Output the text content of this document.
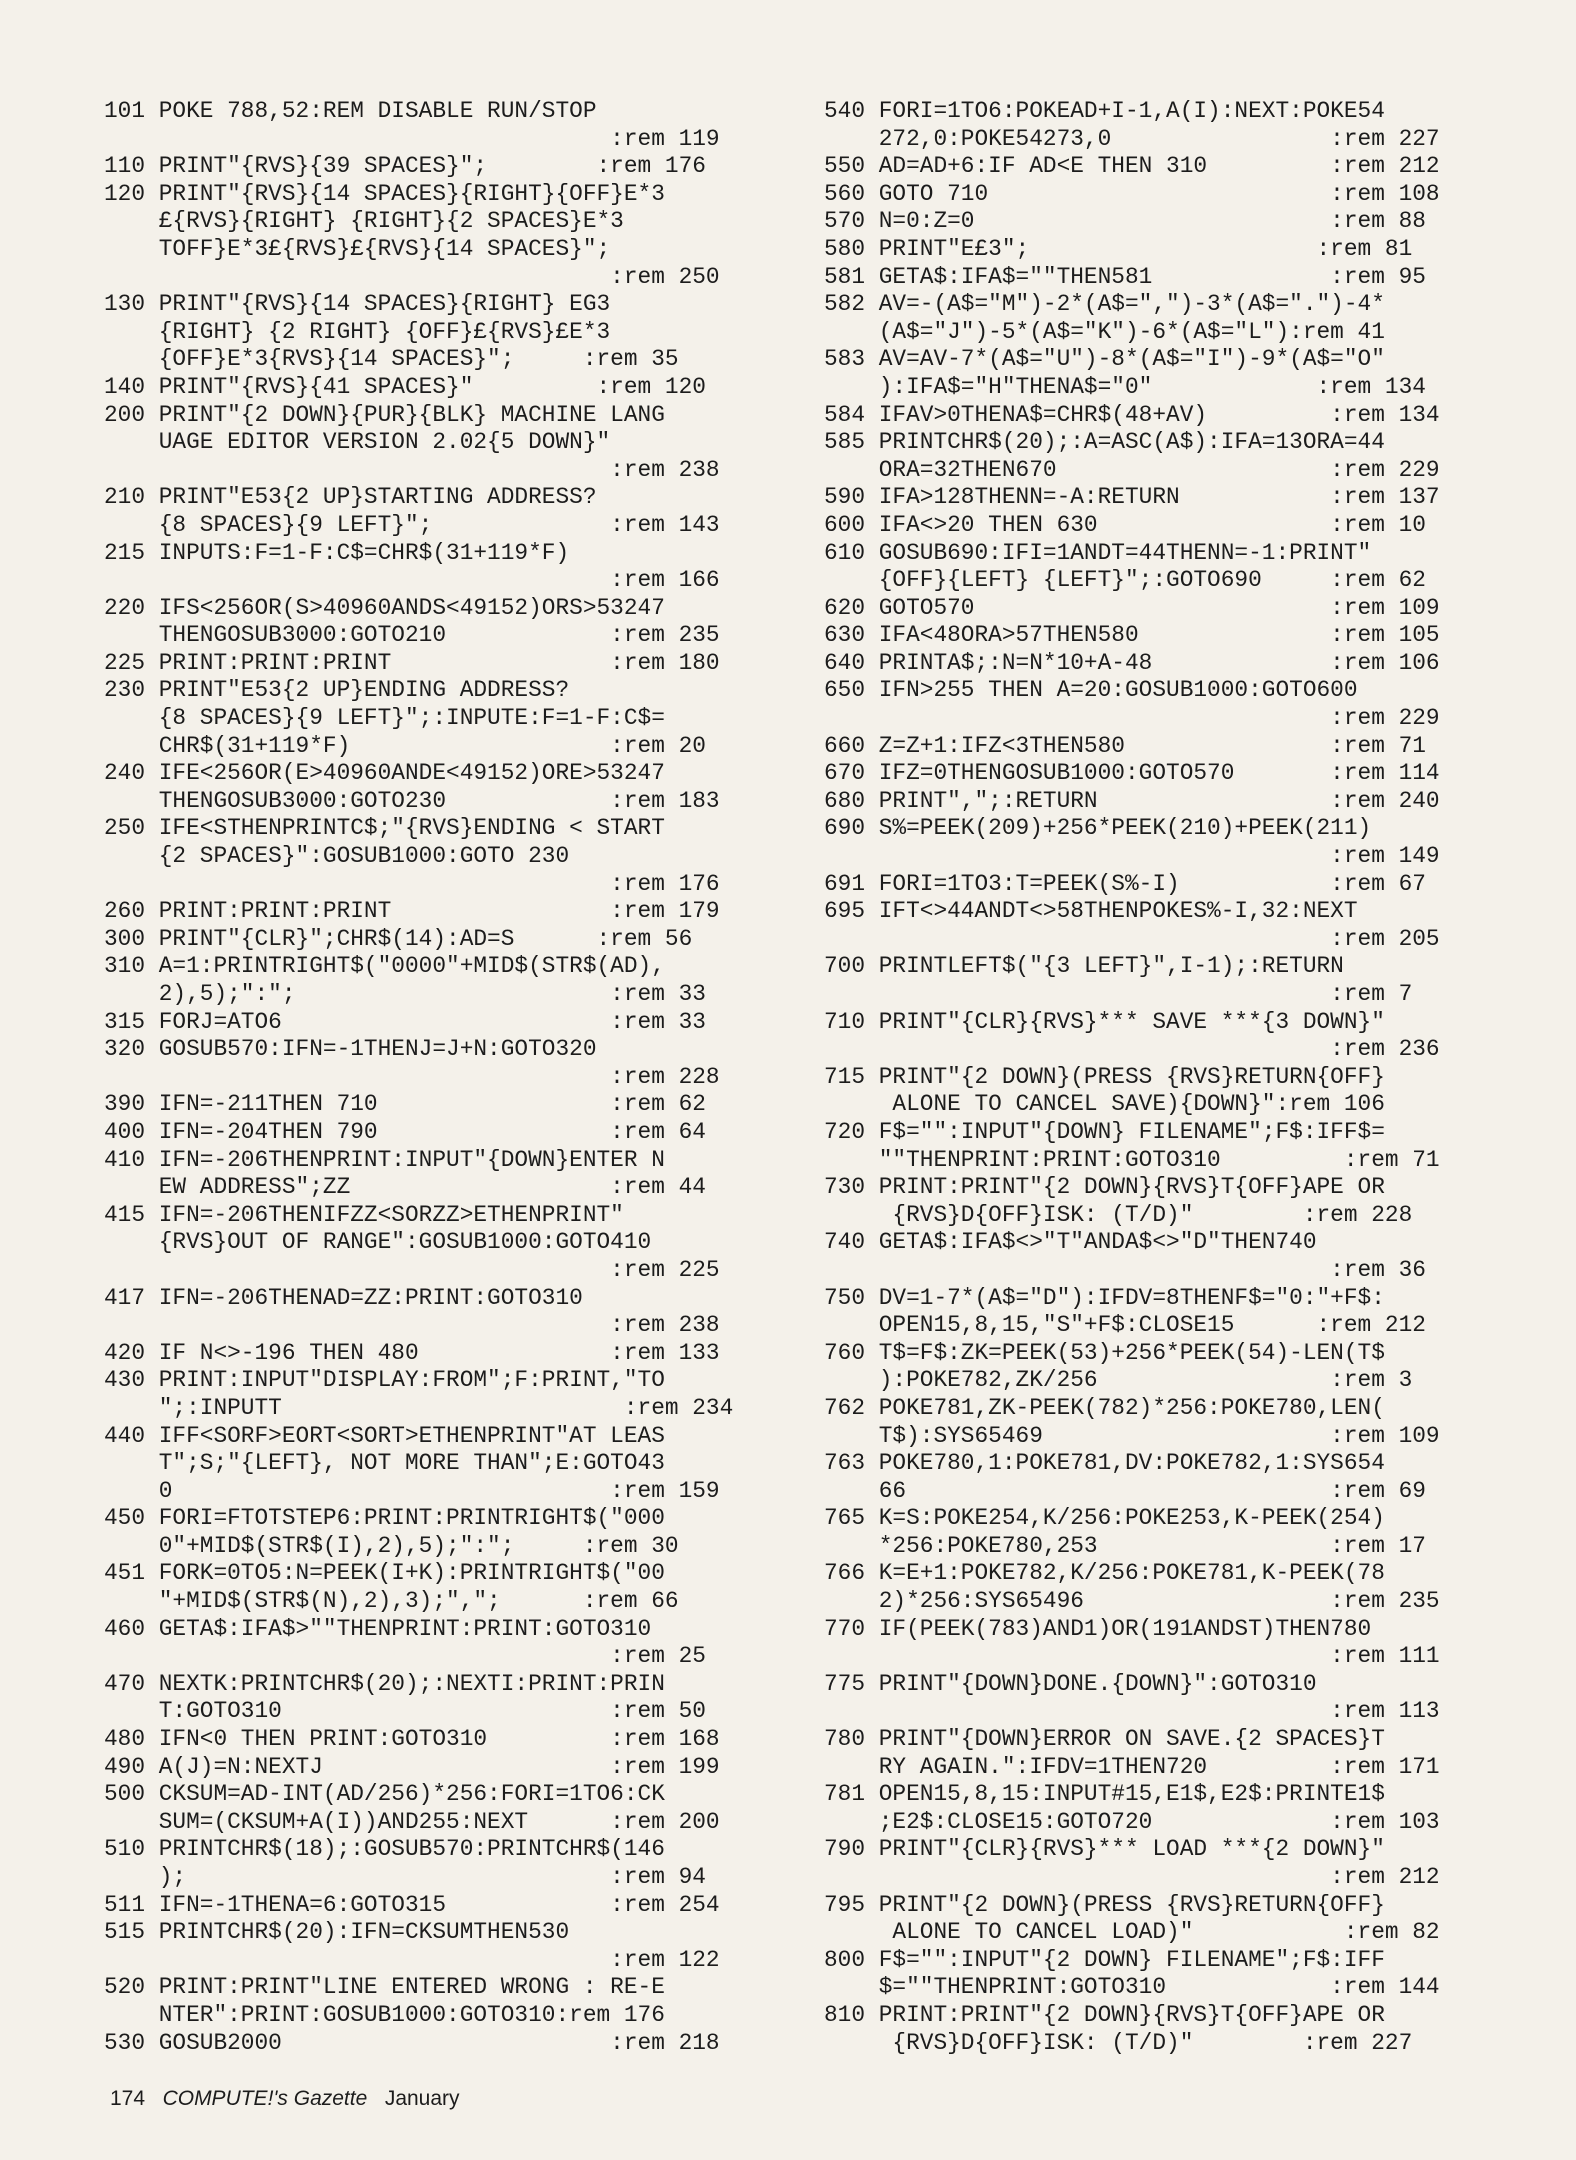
101 POKE 788,52:REM DISABLE RUN/STOP
:rem 119
110 PRINT"{RVS}{39 SPACES}";        :rem 176
120 PRINT"{RVS}{14 SPACES}{RIGHT}{OFF}E*3
£{RVS}{RIGHT} {RIGHT}{2 SPACES}E*3
TOFF}E*3£{RVS}£{RVS}{14 SPACES}";
:rem 250
130 PRINT"{RVS}{14 SPACES}{RIGHT} EG3
{RIGHT} {2 RIGHT} {OFF}£{RVS}£E*3
{OFF}E*3{RVS}{14 SPACES}";     :rem 35
140 PRINT"{RVS}{41 SPACES}"         :rem 120
200 PRINT"{2 DOWN}{PUR}{BLK} MACHINE LANG
UAGE EDITOR VERSION 2.02{5 DOWN}"
:rem 238
210 PRINT"E53{2 UP}STARTING ADDRESS?
{8 SPACES}{9 LEFT}";             :rem 143
215 INPUTS:F=1-F:C$=CHR$(31+119*F)
:rem 166
220 IFS<256OR(S>40960ANDS<49152)ORS>53247
THENGOSUB3000:GOTO210            :rem 235
225 PRINT:PRINT:PRINT                :rem 180
230 PRINT"E53{2 UP}ENDING ADDRESS?
{8 SPACES}{9 LEFT}";:INPUTE:F=1-F:C$=
CHR$(31+119*F)                   :rem 20
240 IFE<256OR(E>40960ANDE<49152)ORE>53247
THENGOSUB3000:GOTO230            :rem 183
250 IFE<STHENPRINTC$;"{RVS}ENDING < START
{2 SPACES}":GOSUB1000:GOTO 230
:rem 176
260 PRINT:PRINT:PRINT                :rem 179
300 PRINT"{CLR}";CHR$(14):AD=S      :rem 56
310 A=1:PRINTRIGHT$("0000"+MID$(STR$(AD),
2),5);":";                       :rem 33
315 FORJ=ATO6                        :rem 33
320 GOSUB570:IFN=-1THENJ=J+N:GOTO320
:rem 228
390 IFN=-211THEN 710                 :rem 62
400 IFN=-204THEN 790                 :rem 64
410 IFN=-206THENPRINT:INPUT"{DOWN}ENTER N
EW ADDRESS";ZZ                   :rem 44
415 IFN=-206THENIFZZ<SORZZ>ETHENPRINT"
{RVS}OUT OF RANGE":GOSUB1000:GOTO410
:rem 225
417 IFN=-206THENAD=ZZ:PRINT:GOTO310
:rem 238
420 IF N<>-196 THEN 480              :rem 133
430 PRINT:INPUT"DISPLAY:FROM";F:PRINT,"TO
";:INPUTT                         :rem 234
440 IFF<SORF>EORT<SORT>ETHENPRINT"AT LEAS
T";S;"{LEFT}, NOT MORE THAN";E:GOTO43
0                                :rem 159
450 FORI=FTOTSTEP6:PRINT:PRINTRIGHT$("000
0"+MID$(STR$(I),2),5);":";     :rem 30
451 FORK=0TO5:N=PEEK(I+K):PRINTRIGHT$("00
"+MID$(STR$(N),2),3);",";      :rem 66
460 GETA$:IFA$>""THENPRINT:PRINT:GOTO310
:rem 25
470 NEXTK:PRINTCHR$(20);:NEXTI:PRINT:PRIN
T:GOTO310                        :rem 50
480 IFN<0 THEN PRINT:GOTO310         :rem 168
490 A(J)=N:NEXTJ                     :rem 199
500 CKSUM=AD-INT(AD/256)*256:FORI=1TO6:CK
SUM=(CKSUM+A(I))AND255:NEXT      :rem 200
510 PRINTCHR$(18);:GOSUB570:PRINTCHR$(146
);                               :rem 94
511 IFN=-1THENA=6:GOTO315            :rem 254
515 PRINTCHR$(20):IFN=CKSUMTHEN530
:rem 122
520 PRINT:PRINT"LINE ENTERED WRONG : RE-E
NTER":PRINT:GOSUB1000:GOTO310:rem 176
530 GOSUB2000                        :rem 218
540 FORI=1TO6:POKEAD+I-1,A(I):NEXT:POKE54
272,0:POKE54273,0                :rem 227
550 AD=AD+6:IF AD<E THEN 310         :rem 212
560 GOTO 710                         :rem 108
570 N=0:Z=0                          :rem 88
580 PRINT"E£3";                     :rem 81
581 GETA$:IFA$=""THEN581             :rem 95
582 AV=-(A$="M")-2*(A$=",")-3*(A$=".")-4*
(A$="J")-5*(A$="K")-6*(A$="L"):rem 41
583 AV=AV-7*(A$="U")-8*(A$="I")-9*(A$="O"
):IFA$="H"THENA$="0"            :rem 134
584 IFAV>0THENA$=CHR$(48+AV)         :rem 134
585 PRINTCHR$(20);:A=ASC(A$):IFA=13ORA=44
ORA=32THEN670                    :rem 229
590 IFA>128THENN=-A:RETURN           :rem 137
600 IFA<>20 THEN 630                 :rem 10
610 GOSUB690:IFI=1ANDT=44THENN=-1:PRINT"
{OFF}{LEFT} {LEFT}";:GOTO690     :rem 62
620 GOTO570                          :rem 109
630 IFA<48ORA>57THEN580              :rem 105
640 PRINTA$;:N=N*10+A-48             :rem 106
650 IFN>255 THEN A=20:GOSUB1000:GOTO600
:rem 229
660 Z=Z+1:IFZ<3THEN580               :rem 71
670 IFZ=0THENGOSUB1000:GOTO570       :rem 114
680 PRINT",";:RETURN                 :rem 240
690 S%=PEEK(209)+256*PEEK(210)+PEEK(211)
:rem 149
691 FORI=1TO3:T=PEEK(S%-I)           :rem 67
695 IFT<>44ANDT<>58THENPOKES%-I,32:NEXT
:rem 205
700 PRINTLEFT$("{3 LEFT}",I-1);:RETURN
:rem 7
710 PRINT"{CLR}{RVS}*** SAVE ***{3 DOWN}"
:rem 236
715 PRINT"{2 DOWN}(PRESS {RVS}RETURN{OFF}
ALONE TO CANCEL SAVE){DOWN}":rem 106
720 F$="":INPUT"{DOWN} FILENAME";F$:IFF$=
""THENPRINT:PRINT:GOTO310         :rem 71
730 PRINT:PRINT"{2 DOWN}{RVS}T{OFF}APE OR
{RVS}D{OFF}ISK: (T/D)"        :rem 228
740 GETA$:IFA$<>"T"ANDA$<>"D"THEN740
:rem 36
750 DV=1-7*(A$="D"):IFDV=8THENF$="0:"+F$:
OPEN15,8,15,"S"+F$:CLOSE15      :rem 212
760 T$=F$:ZK=PEEK(53)+256*PEEK(54)-LEN(T$
):POKE782,ZK/256                 :rem 3
762 POKE781,ZK-PEEK(782)*256:POKE780,LEN(
T$):SYS65469                     :rem 109
763 POKE780,1:POKE781,DV:POKE782,1:SYS654
66                               :rem 69
765 K=S:POKE254,K/256:POKE253,K-PEEK(254)
*256:POKE780,253                 :rem 17
766 K=E+1:POKE782,K/256:POKE781,K-PEEK(78
2)*256:SYS65496                  :rem 235
770 IF(PEEK(783)AND1)OR(191ANDST)THEN780
:rem 111
775 PRINT"{DOWN}DONE.{DOWN}":GOTO310
:rem 113
780 PRINT"{DOWN}ERROR ON SAVE.{2 SPACES}T
RY AGAIN.":IFDV=1THEN720         :rem 171
781 OPEN15,8,15:INPUT#15,E1$,E2$:PRINTE1$
;E2$:CLOSE15:GOTO720             :rem 103
790 PRINT"{CLR}{RVS}*** LOAD ***{2 DOWN}"
:rem 212
795 PRINT"{2 DOWN}(PRESS {RVS}RETURN{OFF}
ALONE TO CANCEL LOAD)"           :rem 82
800 F$="":INPUT"{2 DOWN} FILENAME";F$:IFF
$=""THENPRINT:GOTO310            :rem 144
810 PRINT:PRINT"{2 DOWN}{RVS}T{OFF}APE OR
{RVS}D{OFF}ISK: (T/D)"        :rem 227
174 COMPUTE!'s Gazette January
